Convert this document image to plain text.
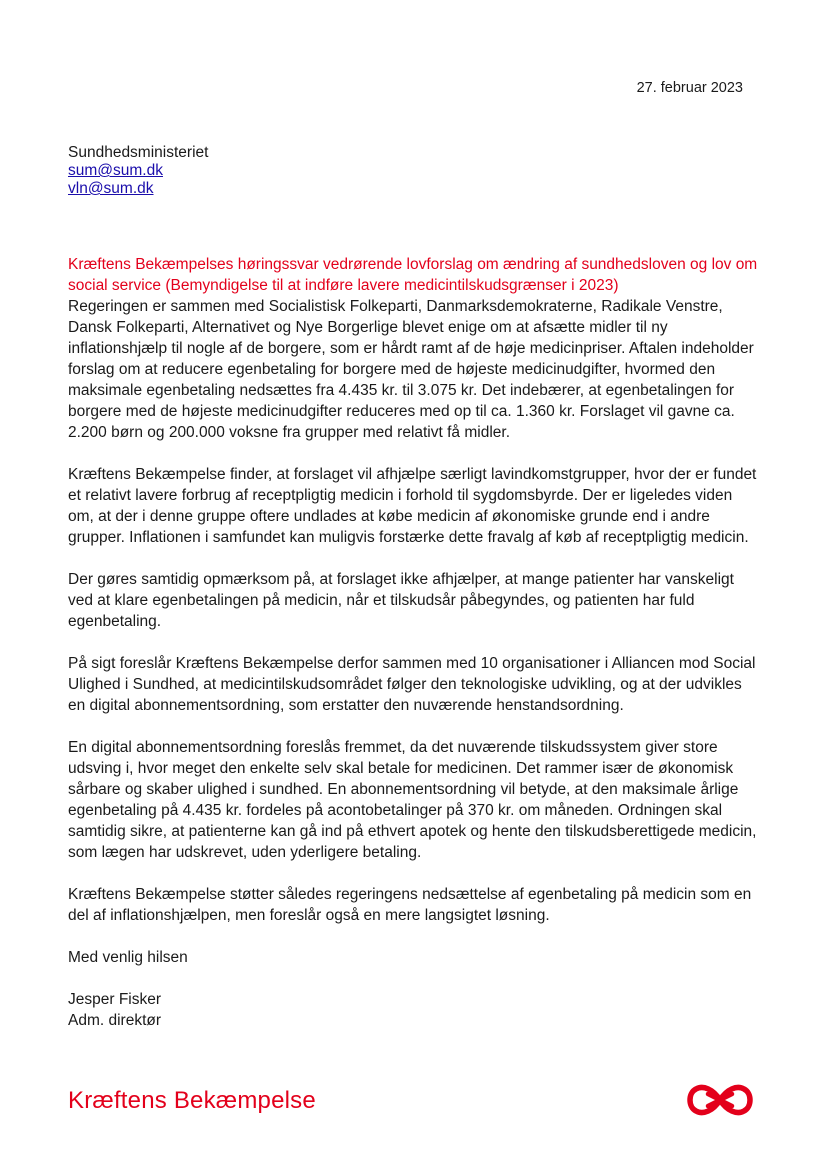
27. februar 2023
Sundhedsministeriet
sum@sum.dk
vln@sum.dk
Kræftens Bekæmpelses høringssvar vedrørende lovforslag om ændring af sundhedsloven og lov om social service (Bemyndigelse til at indføre lavere medicintilskudsgrænser i 2023)

Regeringen er sammen med Socialistisk Folkeparti, Danmarksdemokraterne, Radikale Venstre, Dansk Folkeparti, Alternativet og Nye Borgerlige blevet enige om at afsætte midler til ny inflationshjælp til nogle af de borgere, som er hårdt ramt af de høje medicinpriser. Aftalen indeholder forslag om at reducere egenbetaling for borgere med de højeste medicinudgifter, hvormed den maksimale egenbetaling nedsættes fra 4.435 kr. til 3.075 kr. Det indebærer, at egenbetalingen for borgere med de højeste medicinudgifter reduceres med op til ca. 1.360 kr. Forslaget vil gavne ca. 2.200 børn og 200.000 voksne fra grupper med relativt få midler.

Kræftens Bekæmpelse finder, at forslaget vil afhjælpe særligt lavindkomstgrupper, hvor der er fundet et relativt lavere forbrug af receptpligtig medicin i forhold til sygdomsbyrde. Der er ligeledes viden om, at der i denne gruppe oftere undlades at købe medicin af økonomiske grunde end i andre grupper. Inflationen i samfundet kan muligvis forstærke dette fravalg af køb af receptpligtig medicin.

Der gøres samtidig opmærksom på, at forslaget ikke afhjælper, at mange patienter har vanskeligt ved at klare egenbetalingen på medicin, når et tilskudsår påbegyndes, og patienten har fuld egenbetaling.

På sigt foreslår Kræftens Bekæmpelse derfor sammen med 10 organisationer i Alliancen mod Social Ulighed i Sundhed, at medicintilskudsområdet følger den teknologiske udvikling, og at der udvikles en digital abonnementsordning, som erstatter den nuværende henstandsordning.

En digital abonnementsordning foreslås fremmet, da det nuværende tilskudssystem giver store udsving i, hvor meget den enkelte selv skal betale for medicinen. Det rammer især de økonomisk sårbare og skaber ulighed i sundhed. En abonnementsordning vil betyde, at den maksimale årlige egenbetaling på 4.435 kr. fordeles på acontobetalinger på 370 kr. om måneden. Ordningen skal samtidig sikre, at patienterne kan gå ind på ethvert apotek og hente den tilskudsberettigede medicin, som lægen har udskrevet, uden yderligere betaling.

Kræftens Bekæmpelse støtter således regeringens nedsættelse af egenbetaling på medicin som en del af inflationshjælpen, men foreslår også en mere langsigtet løsning.

Med venlig hilsen

Jesper Fisker
Adm. direktør

Kræftens Bekæmpelse
